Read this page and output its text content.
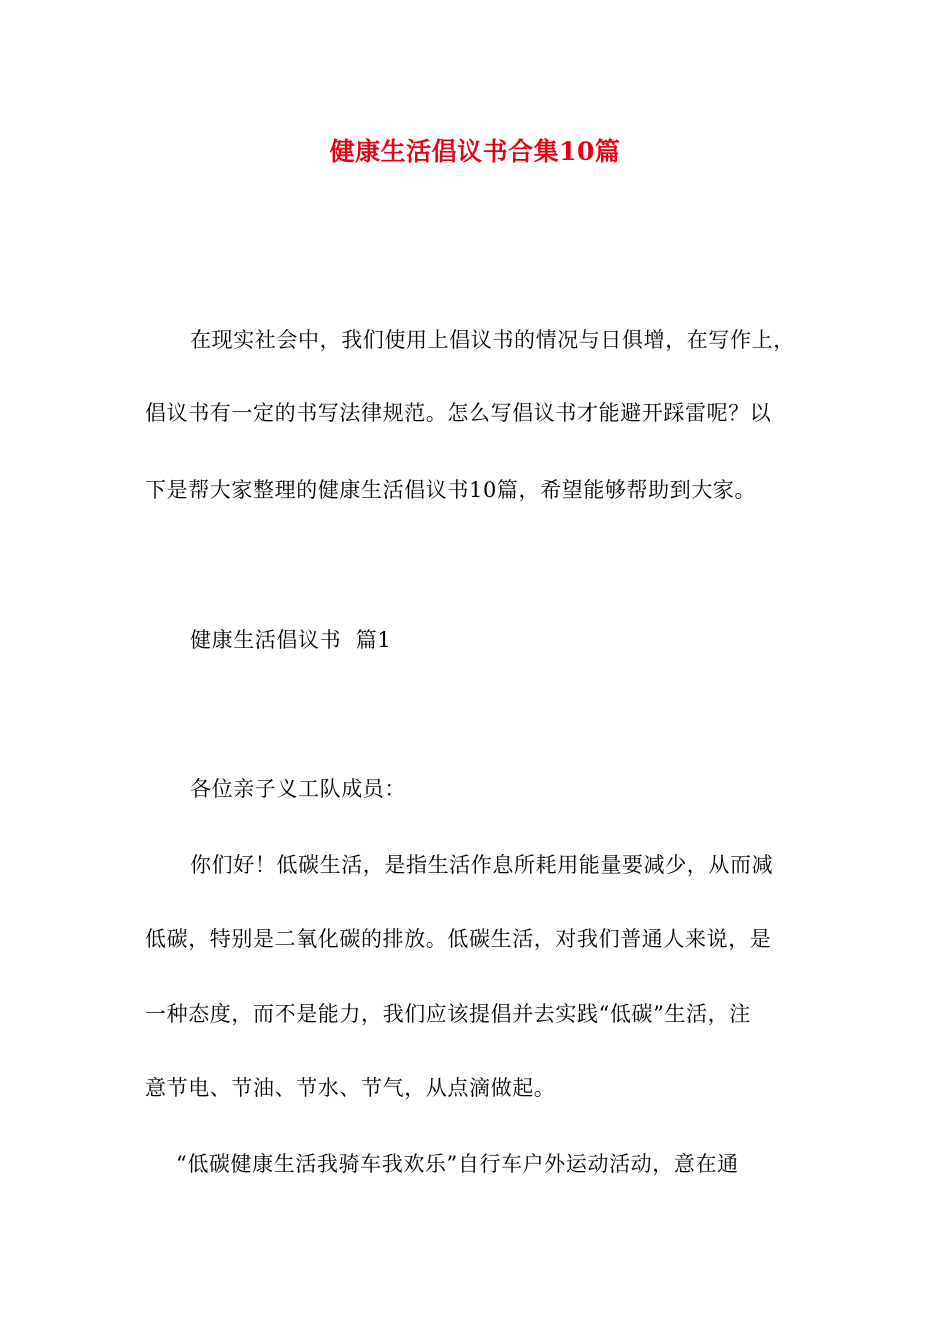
健康生活倡议书合集10篇
在现实社会中，我们使用上倡议书的情况与日俱增，在写作上，
倡议书有一定的书写法律规范。怎么写倡议书才能避开踩雷呢？以
下是帮大家整理的健康生活倡议书10篇，希望能够帮助到大家。
健康生活倡议书  篇1
各位亲子义工队成员：
你们好！低碳生活，是指生活作息所耗用能量要减少，从而减
低碳，特别是二氧化碳的排放。低碳生活，对我们普通人来说，是
一种态度，而不是能力，我们应该提倡并去实践“低碳”生活，注
意节电、节油、节水、节气，从点滴做起。
“低碳健康生活我骑车我欢乐”自行车户外运动活动，意在通
